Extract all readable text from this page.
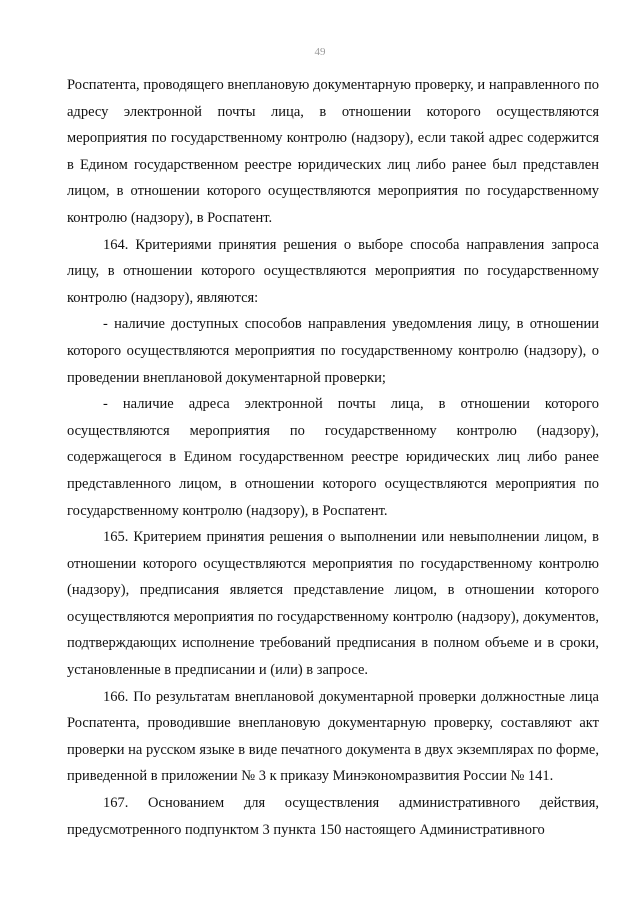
49

Роспатента, проводящего внеплановую документарную проверку, и направленного по адресу электронной почты лица, в отношении которого осуществляются мероприятия по государственному контролю (надзору), если такой адрес содержится в Едином государственном реестре юридических лиц либо ранее был представлен лицом, в отношении которого осуществляются мероприятия по государственному контролю (надзору), в Роспатент.

164. Критериями принятия решения о выборе способа направления запроса лицу, в отношении которого осуществляются мероприятия по государственному контролю (надзору), являются:

- наличие доступных способов направления уведомления лицу, в отношении которого осуществляются мероприятия по государственному контролю (надзору), о проведении внеплановой документарной проверки;

- наличие адреса электронной почты лица, в отношении которого осуществляются мероприятия по государственному контролю (надзору), содержащегося в Едином государственном реестре юридических лиц либо ранее представленного лицом, в отношении которого осуществляются мероприятия по государственному контролю (надзору), в Роспатент.

165. Критерием принятия решения о выполнении или невыполнении лицом, в отношении которого осуществляются мероприятия по государственному контролю (надзору), предписания является представление лицом, в отношении которого осуществляются мероприятия по государственному контролю (надзору), документов, подтверждающих исполнение требований предписания в полном объеме и в сроки, установленные в предписании и (или) в запросе.

166. По результатам внеплановой документарной проверки должностные лица Роспатента, проводившие внеплановую документарную проверку, составляют акт проверки на русском языке в виде печатного документа в двух экземплярах по форме, приведенной в приложении № 3 к приказу Минэкономразвития России № 141.

167. Основанием для осуществления административного действия, предусмотренного подпунктом 3 пункта 150 настоящего Административного
